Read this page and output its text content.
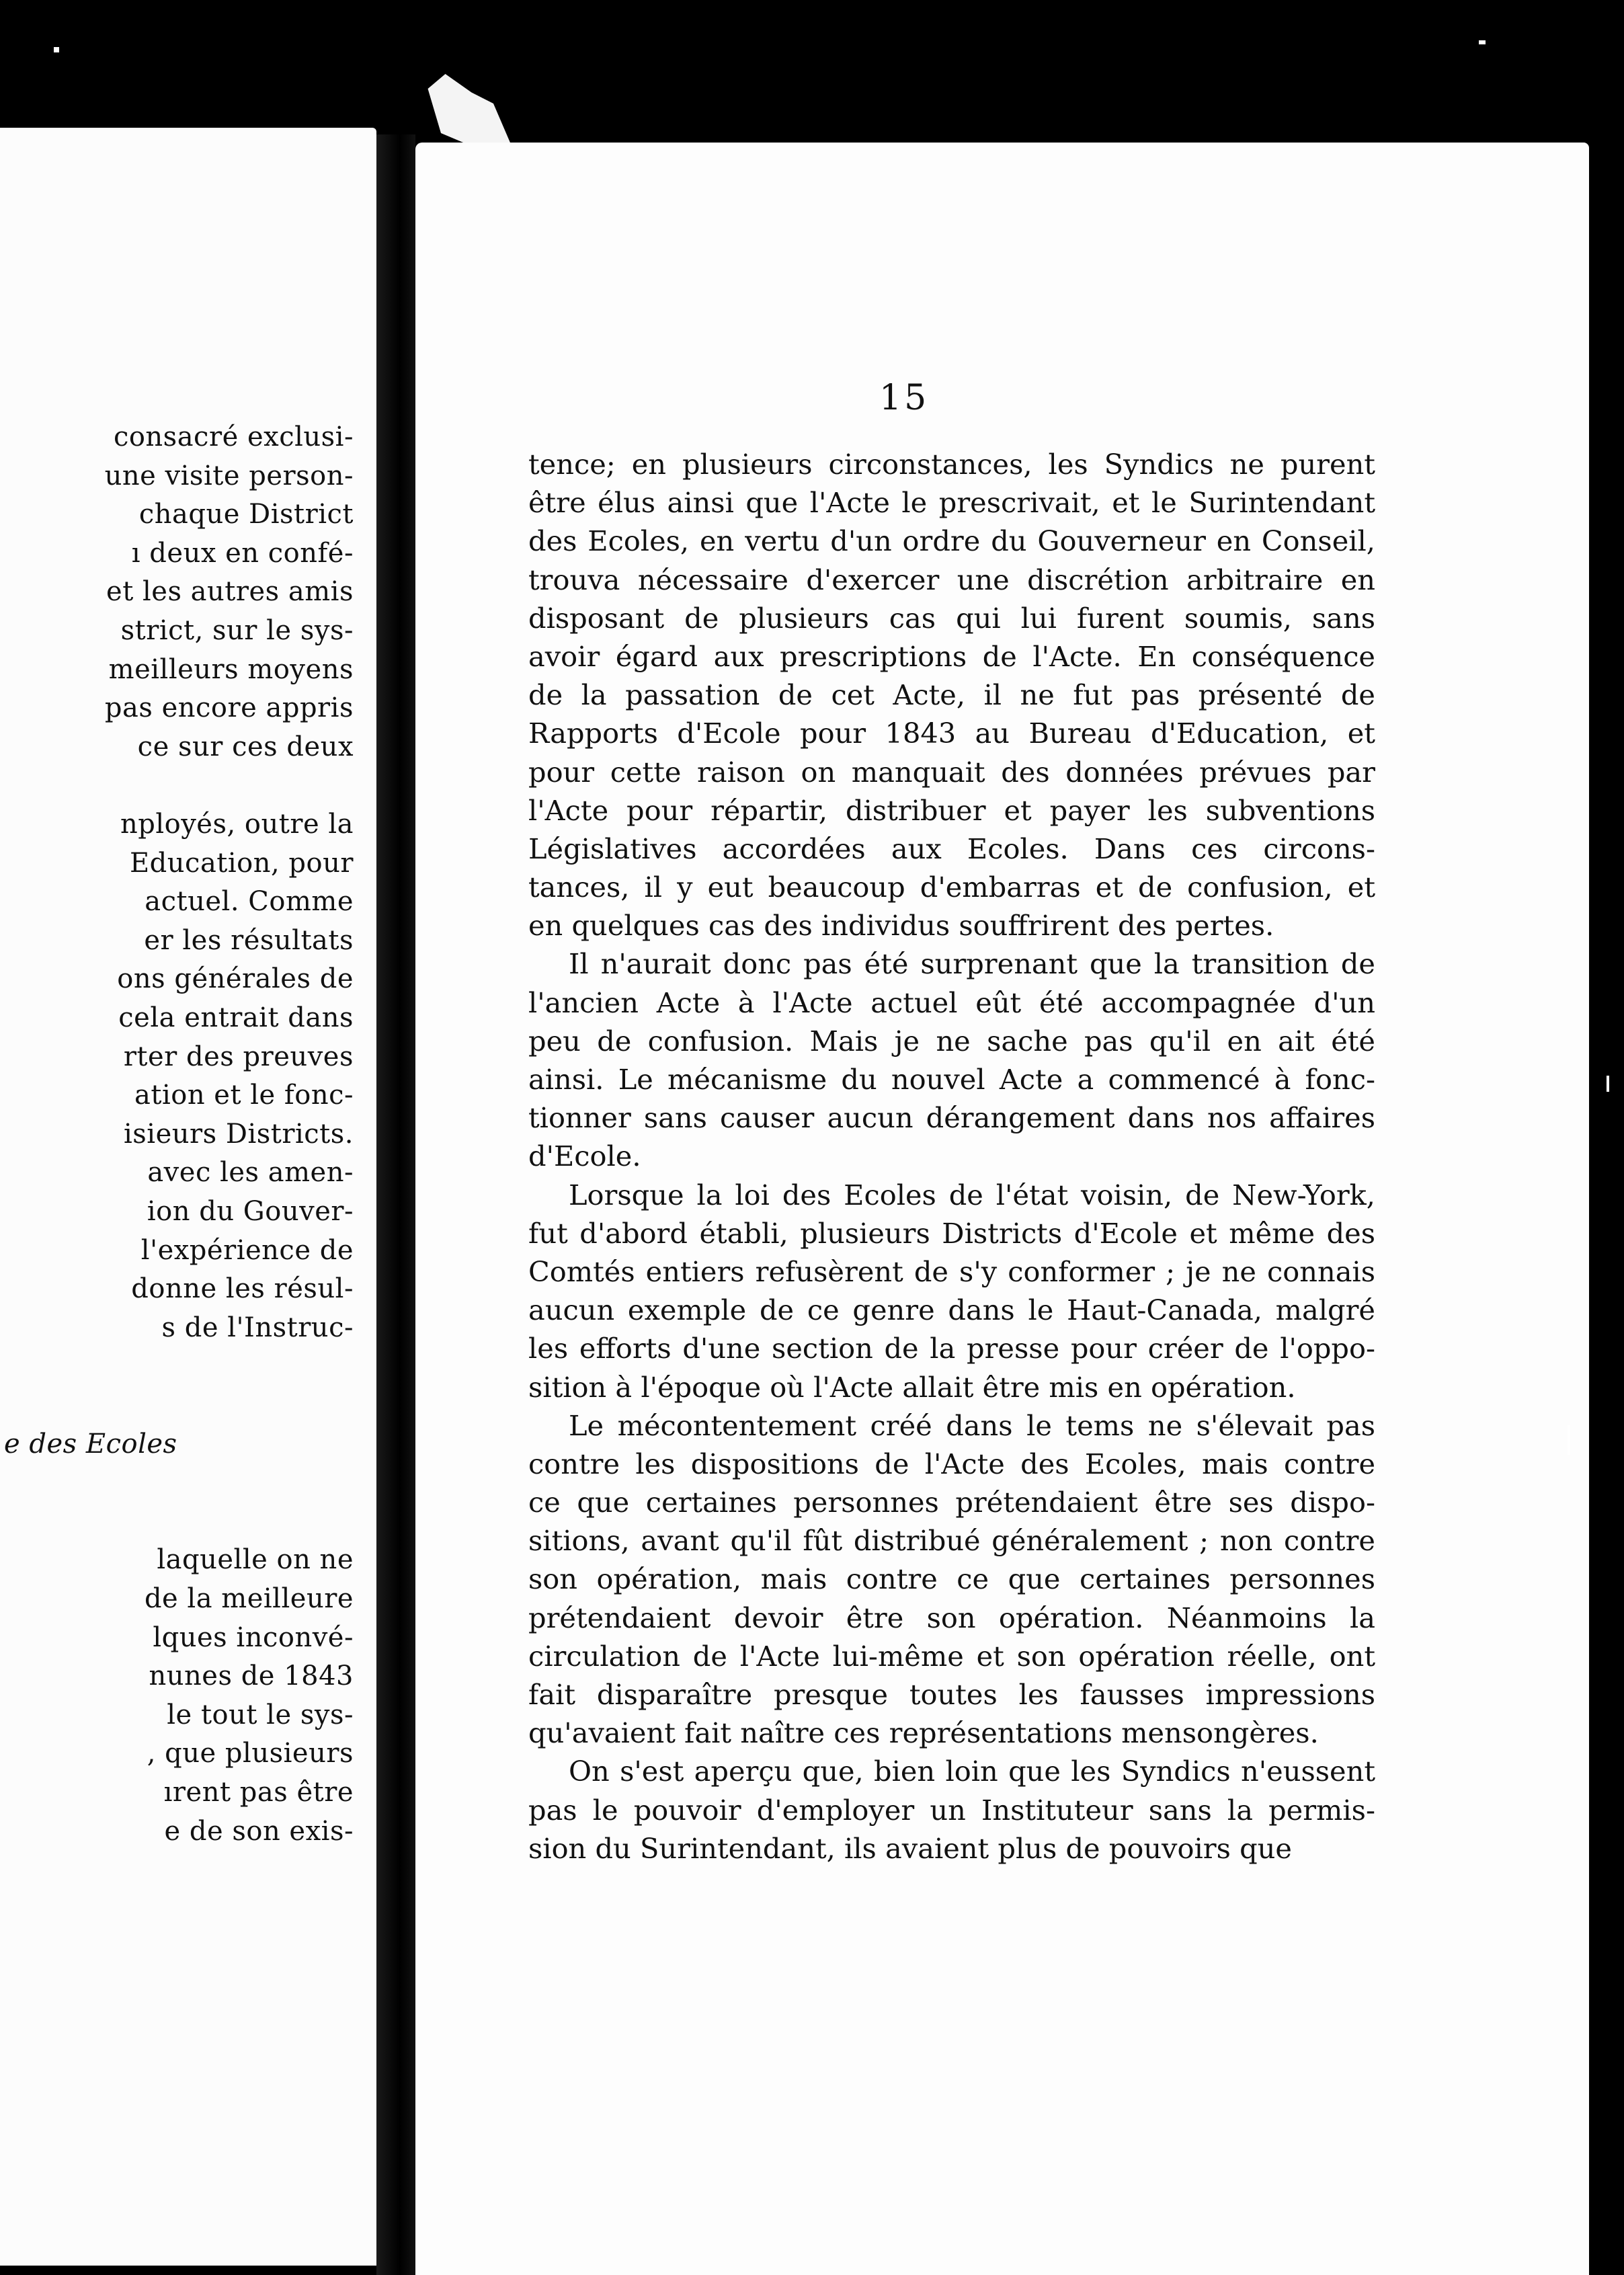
consacré exclusi-
une visite person-
chaque District
ı deux en confé-
et les autres amis
strict, sur le sys-
meilleurs moyens
pas encore appris
ce sur ces deux
nployés, outre la
Education, pour
actuel. Comme
er les résultats
ons générales de
cela entrait dans
rter des preuves
ation et le fonc-
isieurs Districts.
avec les amen-
ion du Gouver-
l'expérience de
donne les résul-
s de l'Instruc-
e des Ecoles
laquelle on ne
de la meilleure
lques inconvé-
nunes de 1843
le tout le sys-
, que plusieurs
ırent pas être
e de son exis-
15
tence; en plusieurs circonstances, les Syndics ne purent
être élus ainsi que l'Acte le prescrivait, et le Surintendant
des Ecoles, en vertu d'un ordre du Gouverneur en Conseil,
trouva nécessaire d'exercer une discrétion arbitraire en
disposant de plusieurs cas qui lui furent soumis, sans
avoir égard aux prescriptions de l'Acte. En conséquence
de la passation de cet Acte, il ne fut pas présenté de
Rapports d'Ecole pour 1843 au Bureau d'Education, et
pour cette raison on manquait des données prévues par
l'Acte pour répartir, distribuer et payer les subventions
Législatives accordées aux Ecoles. Dans ces circons-
tances, il y eut beaucoup d'embarras et de confusion, et
en quelques cas des individus souffrirent des pertes.
Il n'aurait donc pas été surprenant que la transition de
l'ancien Acte à l'Acte actuel eût été accompagnée d'un
peu de confusion. Mais je ne sache pas qu'il en ait été
ainsi. Le mécanisme du nouvel Acte a commencé à fonc-
tionner sans causer aucun dérangement dans nos affaires
d'Ecole.
Lorsque la loi des Ecoles de l'état voisin, de New-York,
fut d'abord établi, plusieurs Districts d'Ecole et même des
Comtés entiers refusèrent de s'y conformer ; je ne connais
aucun exemple de ce genre dans le Haut-Canada, malgré
les efforts d'une section de la presse pour créer de l'oppo-
sition à l'époque où l'Acte allait être mis en opération.
Le mécontentement créé dans le tems ne s'élevait pas
contre les dispositions de l'Acte des Ecoles, mais contre
ce que certaines personnes prétendaient être ses dispo-
sitions, avant qu'il fût distribué généralement ; non contre
son opération, mais contre ce que certaines personnes
prétendaient devoir être son opération. Néanmoins la
circulation de l'Acte lui-même et son opération réelle, ont
fait disparaître presque toutes les fausses impressions
qu'avaient fait naître ces représentations mensongères.
On s'est aperçu que, bien loin que les Syndics n'eussent
pas le pouvoir d'employer un Instituteur sans la permis-
sion du Surintendant, ils avaient plus de pouvoirs que
